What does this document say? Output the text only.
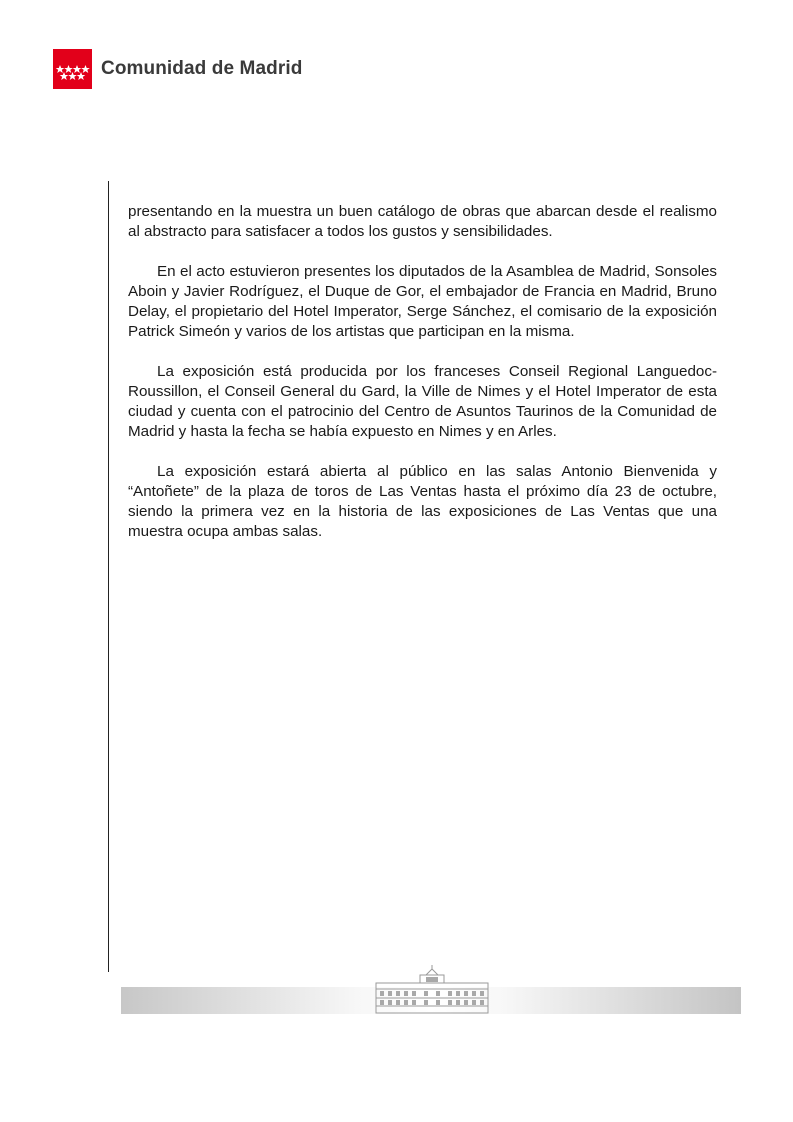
Comunidad de Madrid

presentando en la muestra un buen catálogo de obras que abarcan desde el realismo al abstracto para satisfacer a todos los gustos y sensibilidades.

En el acto estuvieron presentes los diputados de la Asamblea de Madrid, Sonsoles Aboin y Javier Rodríguez, el Duque de Gor, el embajador de Francia en Madrid, Bruno Delay, el propietario del Hotel Imperator, Serge Sánchez, el comisario de la exposición Patrick Simeón y varios de los artistas que participan en la misma.

La exposición está producida por los franceses Conseil Regional Languedoc-Roussillon, el Conseil General du Gard, la Ville de Nimes y el Hotel Imperator de esta ciudad y cuenta con el patrocinio del Centro de Asuntos Taurinos de la Comunidad de Madrid y hasta la fecha se había expuesto en Nimes y en Arles.

La exposición estará abierta al público en las salas Antonio Bienvenida y “Antoñete” de la plaza de toros de Las Ventas hasta el próximo día 23 de octubre, siendo la primera vez en la historia de las exposiciones de Las Ventas que una muestra ocupa ambas salas.
